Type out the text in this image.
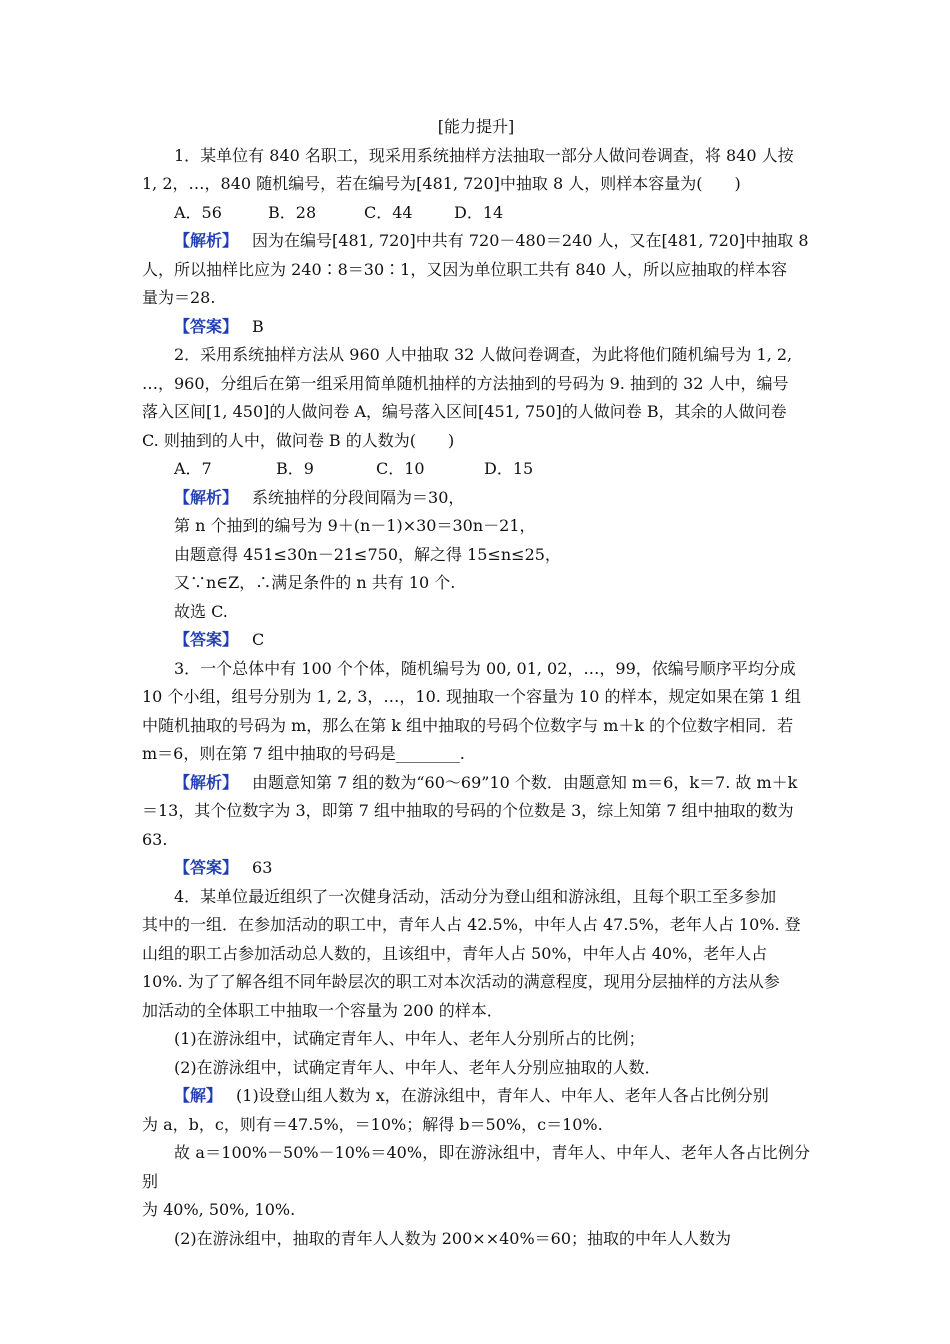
[能力提升]

1．某单位有 840 名职工，现采用系统抽样方法抽取一部分人做问卷调查，将 840 人按

1, 2，…，840 随机编号，若在编号为[481, 720]中抽取 8 人，则样本容量为(　　)

A．56	B．28	C．44	D．14

【解析】 因为在编号[481, 720]中共有 720－480＝240 人，又在[481, 720]中抽取 8

人，所以抽样比应为 240∶8＝30∶1，又因为单位职工共有 840 人，所以应抽取的样本容

量为＝28.

【答案】 B

2．采用系统抽样方法从 960 人中抽取 32 人做问卷调查，为此将他们随机编号为 1, 2,

…，960，分组后在第一组采用简单随机抽样的方法抽到的号码为 9. 抽到的 32 人中，编号

落入区间[1, 450]的人做问卷 A，编号落入区间[451, 750]的人做问卷 B，其余的人做问卷

C. 则抽到的人中，做问卷 B 的人数为(　　)

A．7	B．9	C．10	D．15

【解析】 系统抽样的分段间隔为＝30，

第 n 个抽到的编号为 9＋(n－1)×30＝30n－21，

由题意得 451≤30n－21≤750，解之得 15≤n≤25，

又∵n∈Z，∴满足条件的 n 共有 10 个.

故选 C.

【答案】 C

3．一个总体中有 100 个个体，随机编号为 00, 01, 02，…，99，依编号顺序平均分成

10 个小组，组号分别为 1, 2, 3，…，10. 现抽取一个容量为 10 的样本，规定如果在第 1 组

中随机抽取的号码为 m，那么在第 k 组中抽取的号码个位数字与 m＋k 的个位数字相同．若

m＝6，则在第 7 组中抽取的号码是________.

【解析】 由题意知第 7 组的数为“60～69”10 个数．由题意知 m＝6，k＝7. 故 m＋k

＝13，其个位数字为 3，即第 7 组中抽取的号码的个位数是 3，综上知第 7 组中抽取的数为

63.

【答案】 63

4．某单位最近组织了一次健身活动，活动分为登山组和游泳组，且每个职工至多参加

其中的一组．在参加活动的职工中，青年人占 42.5%，中年人占 47.5%，老年人占 10%. 登

山组的职工占参加活动总人数的，且该组中，青年人占 50%，中年人占 40%，老年人占

10%. 为了了解各组不同年龄层次的职工对本次活动的满意程度，现用分层抽样的方法从参

加活动的全体职工中抽取一个容量为 200 的样本．

(1)在游泳组中，试确定青年人、中年人、老年人分别所占的比例；

(2)在游泳组中，试确定青年人、中年人、老年人分别应抽取的人数．

【解】 (1)设登山组人数为 x，在游泳组中，青年人、中年人、老年人各占比例分别

为 a，b，c，则有＝47.5%，＝10%；解得 b＝50%，c＝10%.

故 a＝100%－50%－10%＝40%，即在游泳组中，青年人、中年人、老年人各占比例分别

为 40%, 50%, 10%.

(2)在游泳组中，抽取的青年人人数为 200××40%＝60；抽取的中年人人数为
